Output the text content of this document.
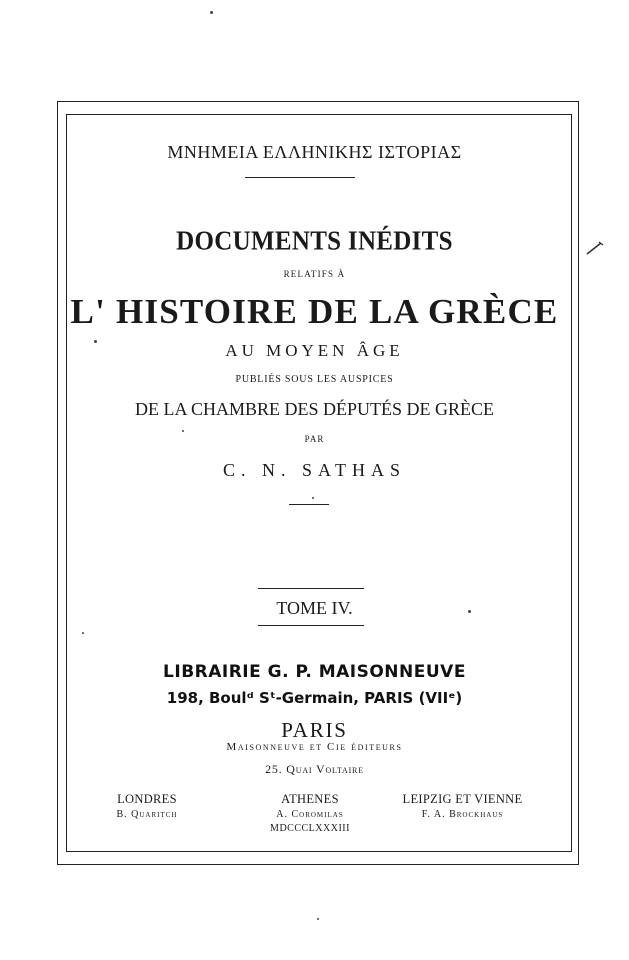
ΜΝΗΜΕΙΑ ΕΛΛΗΝΙΚΗΣ ΙΣΤΟΡΙΑΣ
DOCUMENTS INÉDITS
RELATIFS À
L' HISTOIRE DE LA GRÈCE
AU MOYEN ÂGE
PUBLIÉS SOUS LES AUSPICES
DE LA CHAMBRE DES DÉPUTÉS DE GRÈCE
PAR
C. N. SATHAS
TOME IV.
LIBRAIRIE G. P. MAISONNEUVE
198, Boulᵈ Sᵗ-Germain, PARIS (VIIᵉ)
PARIS
Maisonneuve et Cie éditeurs
25. Quai Voltaire
LONDRES
B. Quaritch
ATHENES
A. Coromilas
MDCCCLXXXIII
LEIPZIG ET VIENNE
F. A. Brockhaus
